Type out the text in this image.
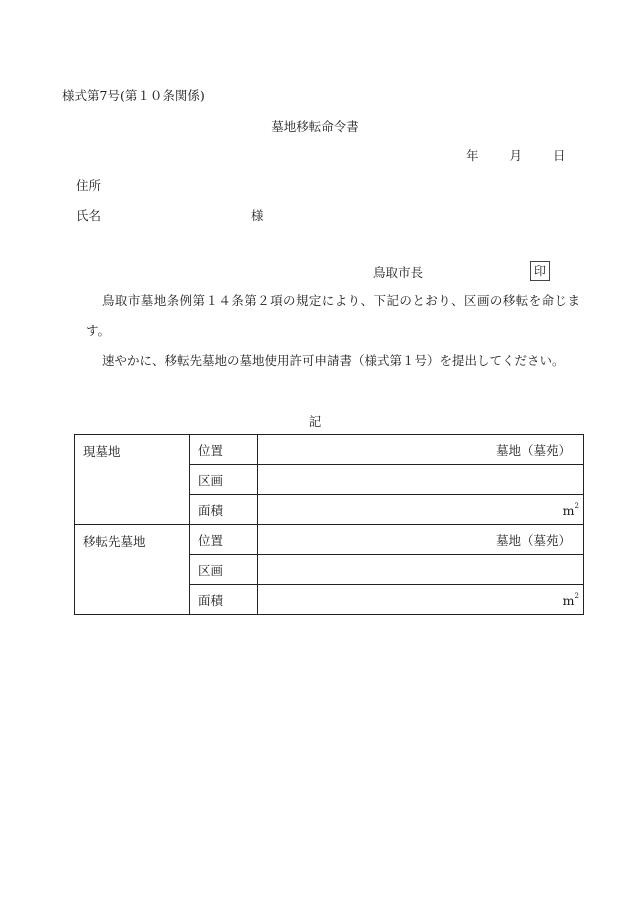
様式第7号(第１０条関係)
墓地移転命令書
年 月 日
住所
氏名	様
鳥取市長	印
鳥取市墓地条例第１４条第２項の規定により、下記のとおり、区画の移転を命じます。
速やかに、移転先墓地の墓地使用許可申請書（様式第１号）を提出してください。
記
現墓地	位置	墓地（墓苑）
	区画	
	面積	$m^2$
移転先墓地	位置	墓地（墓苑）
	区画	
	面積	$m^2$
